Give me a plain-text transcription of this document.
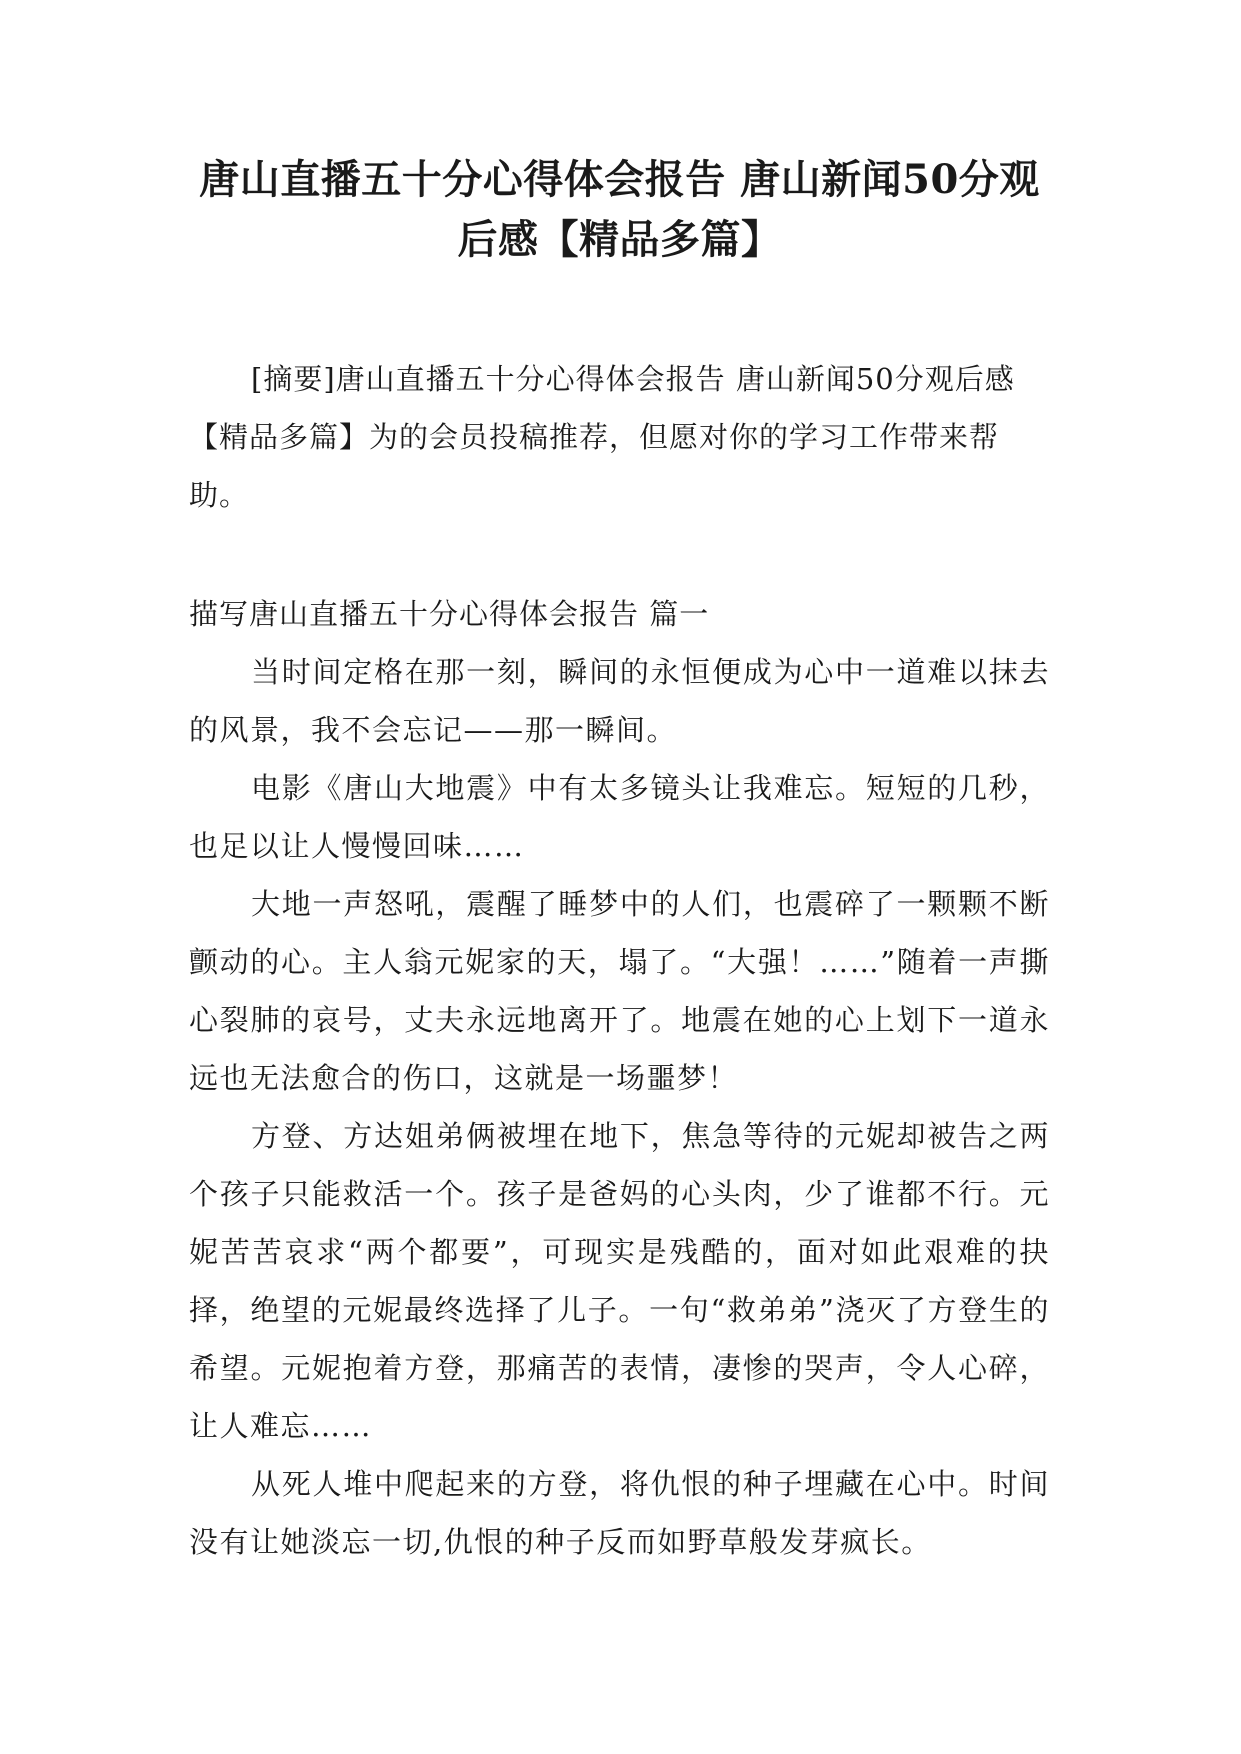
唐山直播五十分心得体会报告 唐山新闻50分观后感【精品多篇】

[摘要]唐山直播五十分心得体会报告 唐山新闻50分观后感【精品多篇】为的会员投稿推荐，但愿对你的学习工作带来帮助。

描写唐山直播五十分心得体会报告 篇一

当时间定格在那一刻，瞬间的永恒便成为心中一道难以抹去的风景，我不会忘记——那一瞬间。

电影《唐山大地震》中有太多镜头让我难忘。短短的几秒，也足以让人慢慢回味……

大地一声怒吼，震醒了睡梦中的人们，也震碎了一颗颗不断颤动的心。主人翁元妮家的天，塌了。“大强！……”随着一声撕心裂肺的哀号，丈夫永远地离开了。地震在她的心上划下一道永远也无法愈合的伤口，这就是一场噩梦！

方登、方达姐弟俩被埋在地下，焦急等待的元妮却被告之两个孩子只能救活一个。孩子是爸妈的心头肉，少了谁都不行。元妮苦苦哀求“两个都要”，可现实是残酷的，面对如此艰难的抉择，绝望的元妮最终选择了儿子。一句“救弟弟”浇灭了方登生的希望。元妮抱着方登，那痛苦的表情，凄惨的哭声，令人心碎，让人难忘……

从死人堆中爬起来的方登，将仇恨的种子埋藏在心中。时间没有让她淡忘一切,仇恨的种子反而如野草般发芽疯长。
